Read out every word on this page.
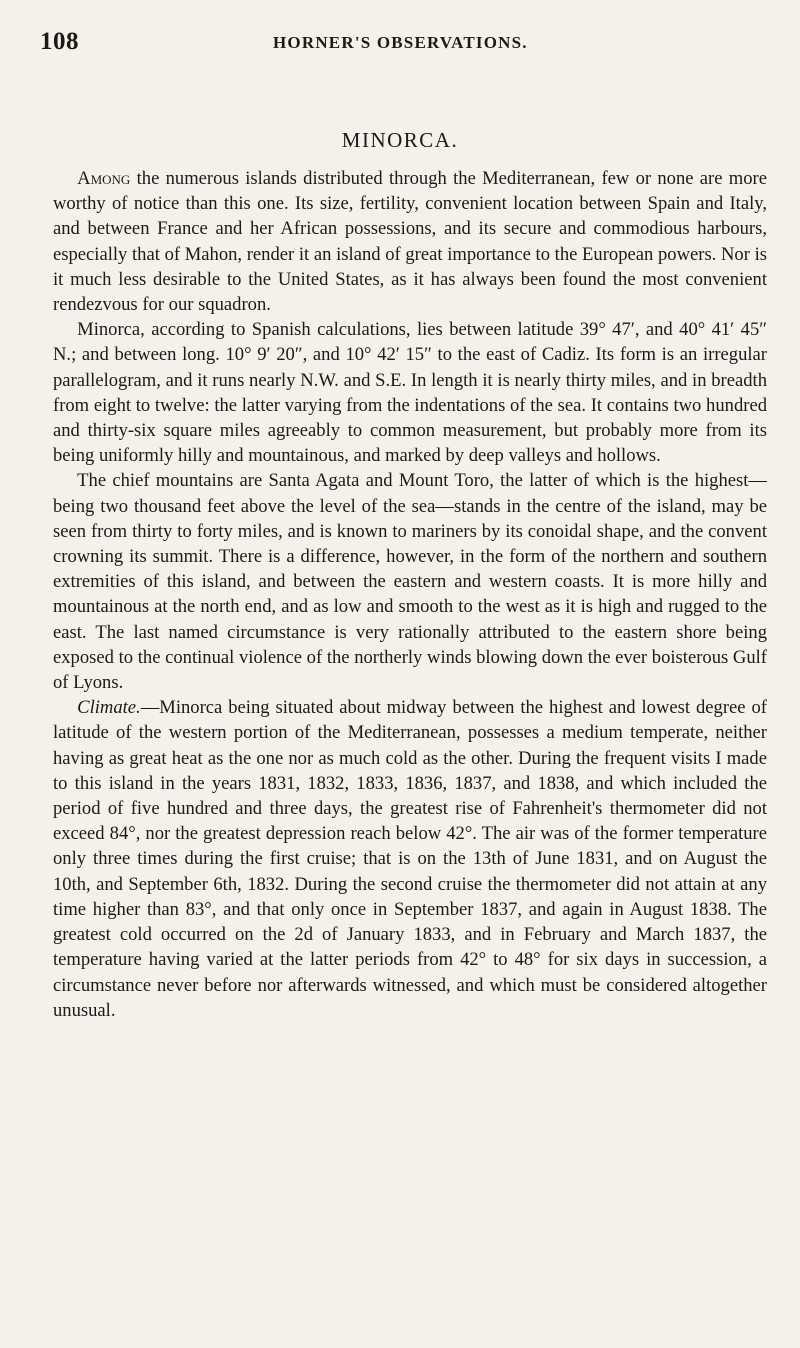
108	HORNER'S OBSERVATIONS.
MINORCA.

Among the numerous islands distributed through the Mediterranean, few or none are more worthy of notice than this one. Its size, fertility, convenient location between Spain and Italy, and between France and her African possessions, and its secure and commodious harbours, especially that of Mahon, render it an island of great importance to the European powers. Nor is it much less desirable to the United States, as it has always been found the most convenient rendezvous for our squadron.

Minorca, according to Spanish calculations, lies between latitude 39° 47′, and 40° 41′ 45″ N.; and between long. 10° 9′ 20″, and 10° 42′ 15″ to the east of Cadiz. Its form is an irregular parallelogram, and it runs nearly N.W. and S.E. In length it is nearly thirty miles, and in breadth from eight to twelve: the latter varying from the indentations of the sea. It contains two hundred and thirty-six square miles agreeably to common measurement, but probably more from its being uniformly hilly and mountainous, and marked by deep valleys and hollows.

The chief mountains are Santa Agata and Mount Toro, the latter of which is the highest—being two thousand feet above the level of the sea—stands in the centre of the island, may be seen from thirty to forty miles, and is known to mariners by its conoidal shape, and the convent crowning its summit. There is a difference, however, in the form of the northern and southern extremities of this island, and between the eastern and western coasts. It is more hilly and mountainous at the north end, and as low and smooth to the west as it is high and rugged to the east. The last named circumstance is very rationally attributed to the eastern shore being exposed to the continual violence of the northerly winds blowing down the ever boisterous Gulf of Lyons.

Climate.—Minorca being situated about midway between the highest and lowest degree of latitude of the western portion of the Mediterranean, possesses a medium temperate, neither having as great heat as the one nor as much cold as the other. During the frequent visits I made to this island in the years 1831, 1832, 1833, 1836, 1837, and 1838, and which included the period of five hundred and three days, the greatest rise of Fahrenheit's thermometer did not exceed 84°, nor the greatest depression reach below 42°. The air was of the former temperature only three times during the first cruise; that is on the 13th of June 1831, and on August the 10th, and September 6th, 1832. During the second cruise the thermometer did not attain at any time higher than 83°, and that only once in September 1837, and again in August 1838. The greatest cold occurred on the 2d of January 1833, and in February and March 1837, the temperature having varied at the latter periods from 42° to 48° for six days in succession, a circumstance never before nor afterwards witnessed, and which must be considered altogether unusual.
